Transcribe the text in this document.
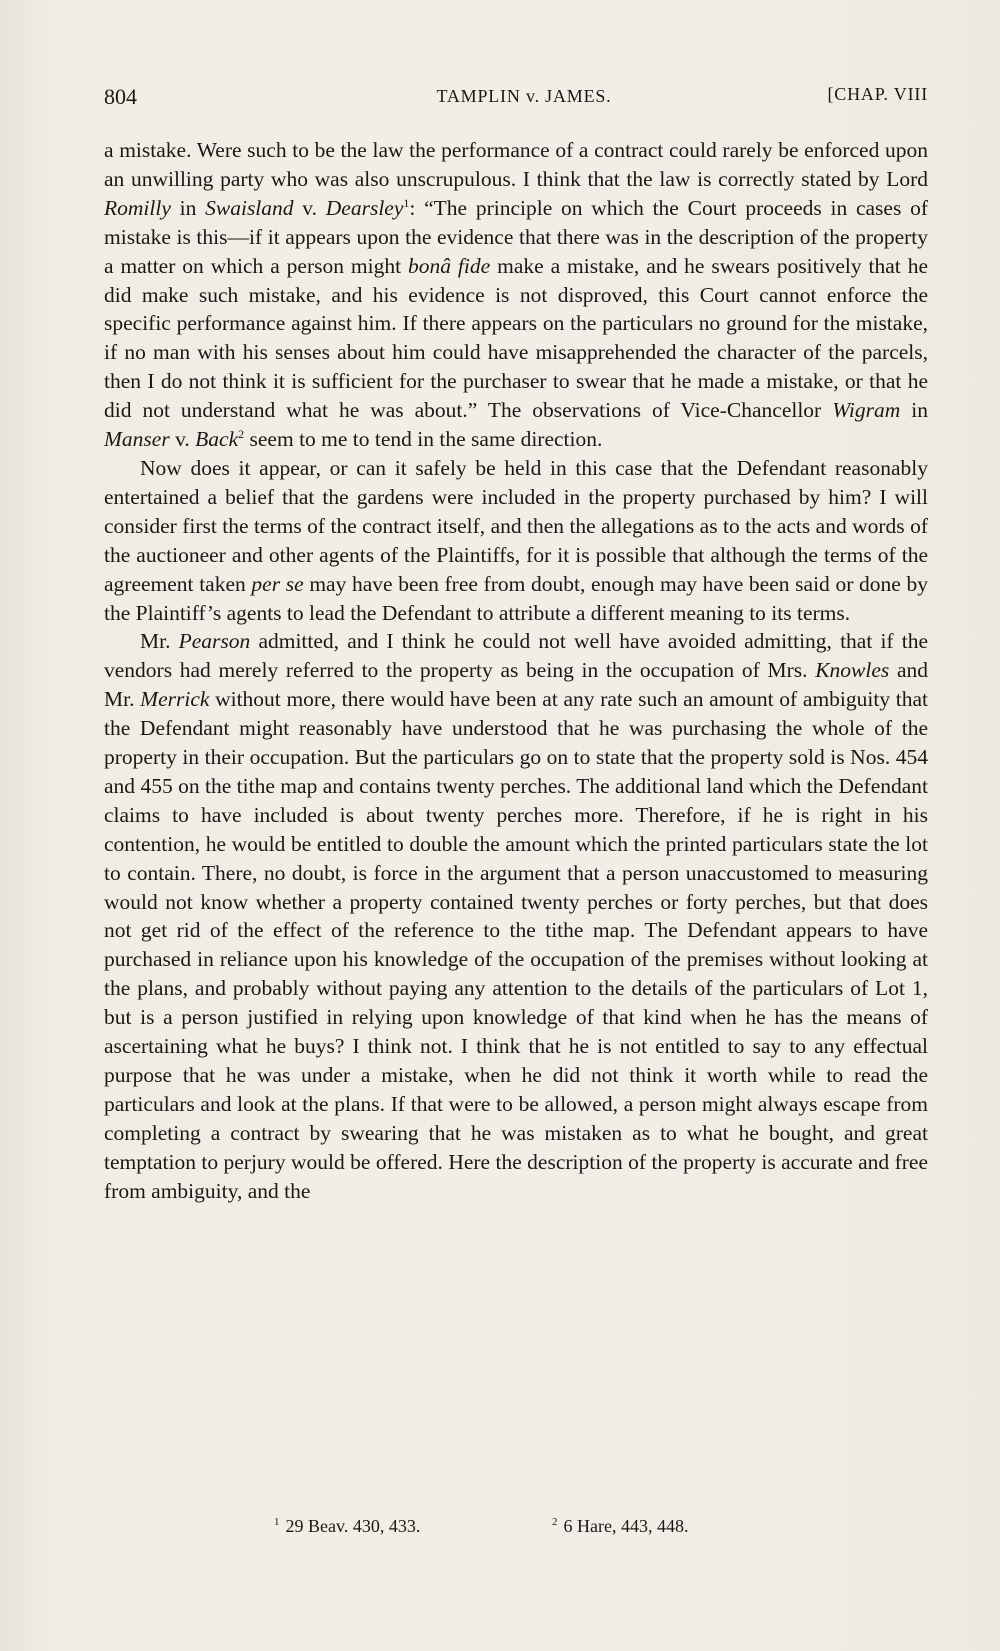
804	TAMPLIN v. JAMES.	[CHAP. VIII

a mistake. Were such to be the law the performance of a contract could rarely be enforced upon an unwilling party who was also unscrupulous. I think that the law is correctly stated by Lord Romilly in Swaisland v. Dearsley$^1$: “The principle on which the Court proceeds in cases of mistake is this—if it appears upon the evidence that there was in the description of the property a matter on which a person might bonâ fide make a mistake, and he swears positively that he did make such mistake, and his evidence is not disproved, this Court cannot enforce the specific performance against him. If there appears on the particulars no ground for the mistake, if no man with his senses about him could have misapprehended the character of the parcels, then I do not think it is sufficient for the purchaser to swear that he made a mistake, or that he did not understand what he was about.” The observations of Vice-Chancellor Wigram in Manser v. Back$^2$ seem to me to tend in the same direction.

Now does it appear, or can it safely be held in this case that the Defendant reasonably entertained a belief that the gardens were included in the property purchased by him? I will consider first the terms of the contract itself, and then the allegations as to the acts and words of the auctioneer and other agents of the Plaintiffs, for it is possible that although the terms of the agreement taken per se may have been free from doubt, enough may have been said or done by the Plaintiff’s agents to lead the Defendant to attribute a different meaning to its terms.

Mr. Pearson admitted, and I think he could not well have avoided admitting, that if the vendors had merely referred to the property as being in the occupation of Mrs. Knowles and Mr. Merrick without more, there would have been at any rate such an amount of ambiguity that the Defendant might reasonably have understood that he was purchasing the whole of the property in their occupation. But the particulars go on to state that the property sold is Nos. 454 and 455 on the tithe map and contains twenty perches. The additional land which the Defendant claims to have included is about twenty perches more. Therefore, if he is right in his contention, he would be entitled to double the amount which the printed particulars state the lot to contain. There, no doubt, is force in the argument that a person unaccustomed to measuring would not know whether a property contained twenty perches or forty perches, but that does not get rid of the effect of the reference to the tithe map. The Defendant appears to have purchased in reliance upon his knowledge of the occupation of the premises without looking at the plans, and probably without paying any attention to the details of the particulars of Lot 1, but is a person justified in relying upon knowledge of that kind when he has the means of ascertaining what he buys? I think not. I think that he is not entitled to say to any effectual purpose that he was under a mistake, when he did not think it worth while to read the particulars and look at the plans. If that were to be allowed, a person might always escape from completing a contract by swearing that he was mistaken as to what he bought, and great temptation to perjury would be offered. Here the description of the property is accurate and free from ambiguity, and the

$^1$ 29 Beav. 430, 433.	$^2$ 6 Hare, 443, 448.
